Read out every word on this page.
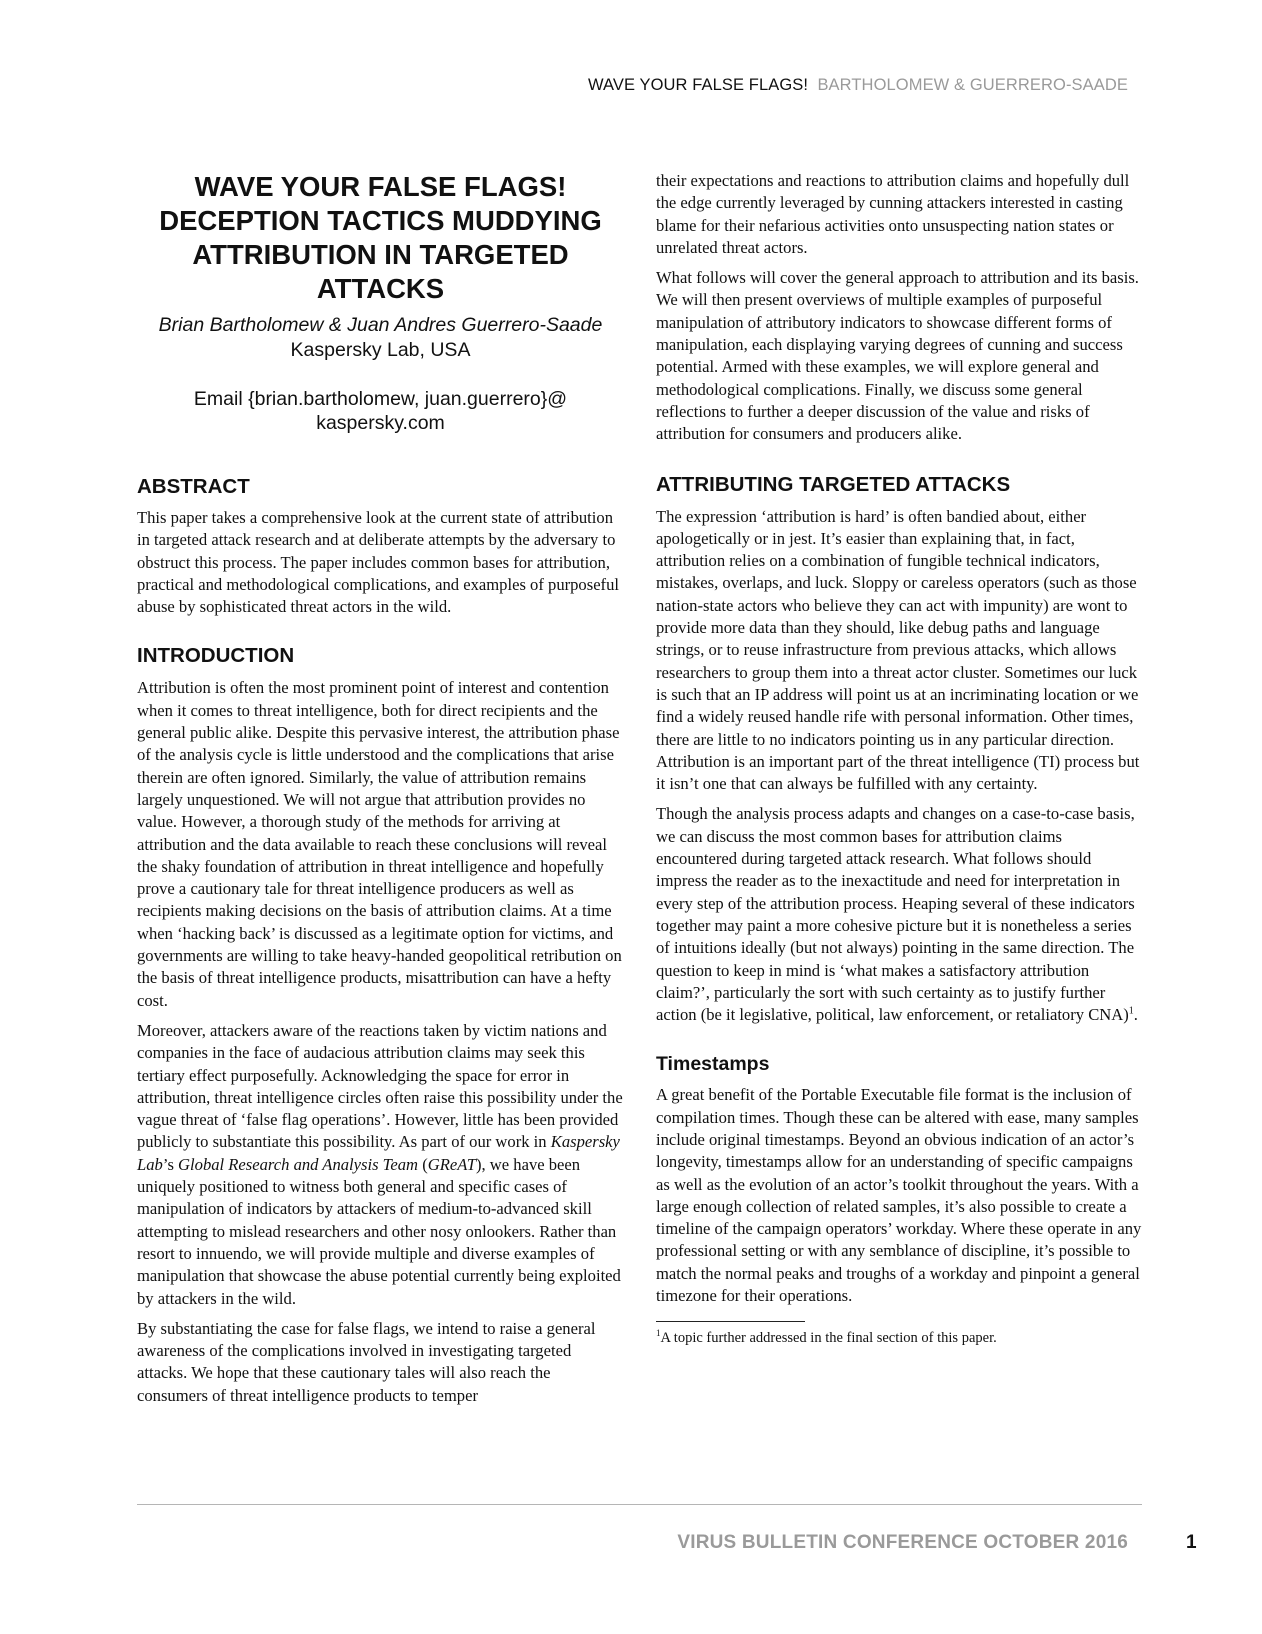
WAVE YOUR FALSE FLAGS! BARTHOLOMEW & GUERRERO-SAADE
WAVE YOUR FALSE FLAGS!
DECEPTION TACTICS MUDDYING
ATTRIBUTION IN TARGETED
ATTACKS
Brian Bartholomew & Juan Andres Guerrero-Saade
Kaspersky Lab, USA
Email {brian.bartholomew, juan.guerrero}@
kaspersky.com
ABSTRACT

This paper takes a comprehensive look at the current state of attribution in targeted attack research and at deliberate attempts by the adversary to obstruct this process. The paper includes common bases for attribution, practical and methodological complications, and examples of purposeful abuse by sophisticated threat actors in the wild.

INTRODUCTION

Attribution is often the most prominent point of interest and contention when it comes to threat intelligence, both for direct recipients and the general public alike. Despite this pervasive interest, the attribution phase of the analysis cycle is little understood and the complications that arise therein are often ignored. Similarly, the value of attribution remains largely unquestioned. We will not argue that attribution provides no value. However, a thorough study of the methods for arriving at attribution and the data available to reach these conclusions will reveal the shaky foundation of attribution in threat intelligence and hopefully prove a cautionary tale for threat intelligence producers as well as recipients making decisions on the basis of attribution claims. At a time when ‘hacking back’ is discussed as a legitimate option for victims, and governments are willing to take heavy-handed geopolitical retribution on the basis of threat intelligence products, misattribution can have a hefty cost.

Moreover, attackers aware of the reactions taken by victim nations and companies in the face of audacious attribution claims may seek this tertiary effect purposefully. Acknowledging the space for error in attribution, threat intelligence circles often raise this possibility under the vague threat of ‘false flag operations’. However, little has been provided publicly to substantiate this possibility. As part of our work in Kaspersky Lab’s Global Research and Analysis Team (GReAT), we have been uniquely positioned to witness both general and specific cases of manipulation of indicators by attackers of medium-to-advanced skill attempting to mislead researchers and other nosy onlookers. Rather than resort to innuendo, we will provide multiple and diverse examples of manipulation that showcase the abuse potential currently being exploited by attackers in the wild.

By substantiating the case for false flags, we intend to raise a general awareness of the complications involved in investigating targeted attacks. We hope that these cautionary tales will also reach the consumers of threat intelligence products to temper

their expectations and reactions to attribution claims and hopefully dull the edge currently leveraged by cunning attackers interested in casting blame for their nefarious activities onto unsuspecting nation states or unrelated threat actors.

What follows will cover the general approach to attribution and its basis. We will then present overviews of multiple examples of purposeful manipulation of attributory indicators to showcase different forms of manipulation, each displaying varying degrees of cunning and success potential. Armed with these examples, we will explore general and methodological complications. Finally, we discuss some general reflections to further a deeper discussion of the value and risks of attribution for consumers and producers alike.

ATTRIBUTING TARGETED ATTACKS

The expression ‘attribution is hard’ is often bandied about, either apologetically or in jest. It’s easier than explaining that, in fact, attribution relies on a combination of fungible technical indicators, mistakes, overlaps, and luck. Sloppy or careless operators (such as those nation-state actors who believe they can act with impunity) are wont to provide more data than they should, like debug paths and language strings, or to reuse infrastructure from previous attacks, which allows researchers to group them into a threat actor cluster. Sometimes our luck is such that an IP address will point us at an incriminating location or we find a widely reused handle rife with personal information. Other times, there are little to no indicators pointing us in any particular direction. Attribution is an important part of the threat intelligence (TI) process but it isn’t one that can always be fulfilled with any certainty.

Though the analysis process adapts and changes on a case-to-case basis, we can discuss the most common bases for attribution claims encountered during targeted attack research. What follows should impress the reader as to the inexactitude and need for interpretation in every step of the attribution process. Heaping several of these indicators together may paint a more cohesive picture but it is nonetheless a series of intuitions ideally (but not always) pointing in the same direction. The question to keep in mind is ‘what makes a satisfactory attribution claim?’, particularly the sort with such certainty as to justify further action (be it legislative, political, law enforcement, or retaliatory CNA)$^1$.

Timestamps

A great benefit of the Portable Executable file format is the inclusion of compilation times. Though these can be altered with ease, many samples include original timestamps. Beyond an obvious indication of an actor’s longevity, timestamps allow for an understanding of specific campaigns as well as the evolution of an actor’s toolkit throughout the years. With a large enough collection of related samples, it’s also possible to create a timeline of the campaign operators’ workday. Where these operate in any professional setting or with any semblance of discipline, it’s possible to match the normal peaks and troughs of a workday and pinpoint a general timezone for their operations.

$^1$A topic further addressed in the final section of this paper.
VIRUS BULLETIN CONFERENCE OCTOBER 2016	1
